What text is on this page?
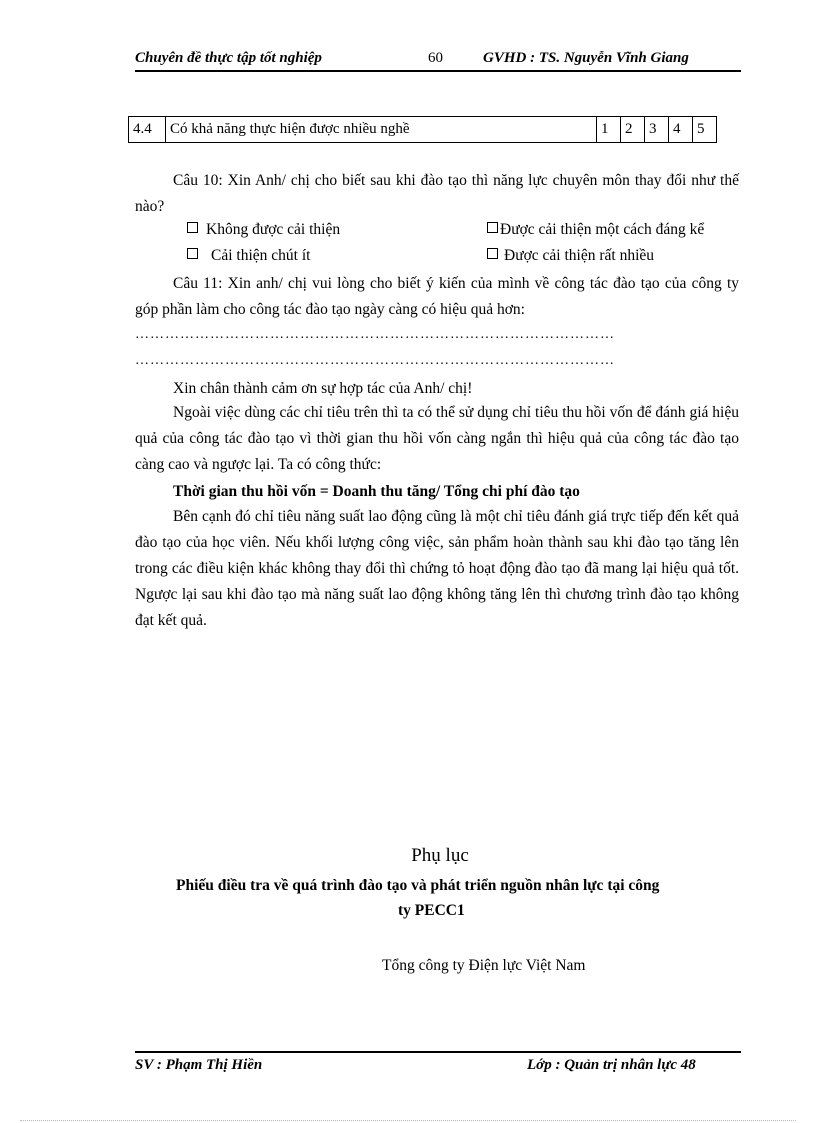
Chuyên đề thực tập tốt nghiệp	60	GVHD : TS. Nguyễn Vĩnh Giang
4.4	Có khả năng thực hiện được nhiều nghề	1	2	3	4	5
Câu 10: Xin Anh/ chị cho biết sau khi đào tạo thì năng lực chuyên môn thay đổi như thế nào?
Không được cải thiện	Được cải thiện một cách đáng kể
Cải thiện chút ít	Được cải thiện rất nhiều
Câu 11: Xin anh/ chị vui lòng cho biết ý kiến của mình về công tác đào tạo của công ty góp phần làm cho công tác đào tạo ngày càng có hiệu quả hơn:
……………………………………………………………………………………
……………………………………………………………………………………
Xin chân thành cảm ơn sự hợp tác của Anh/ chị!
Ngoài việc dùng các chỉ tiêu trên thì ta có thể sử dụng chỉ tiêu thu hồi vốn để đánh giá hiệu quả của công tác đào tạo vì thời gian thu hồi vốn càng ngắn thì hiệu quả của công tác đào tạo càng cao và ngược lại. Ta có công thức:
Thời gian thu hồi vốn = Doanh thu tăng/ Tổng chi phí đào tạo
Bên cạnh đó chỉ tiêu năng suất lao động cũng là một chỉ tiêu đánh giá trực tiếp đến kết quả đào tạo của học viên. Nếu khối lượng công việc, sản phẩm hoàn thành sau khi đào tạo tăng lên trong các điều kiện khác không thay đổi thì chứng tỏ hoạt động đào tạo đã mang lại hiệu quả tốt. Ngược lại sau khi đào tạo mà năng suất lao động không tăng lên thì chương trình đào tạo không đạt kết quả.
Phụ lục
Phiếu điều tra về quá trình đào tạo và phát triển nguồn nhân lực tại công
ty PECC1
Tổng công ty Điện lực Việt Nam
SV : Phạm Thị Hiền	Lớp : Quản trị nhân lực 48
